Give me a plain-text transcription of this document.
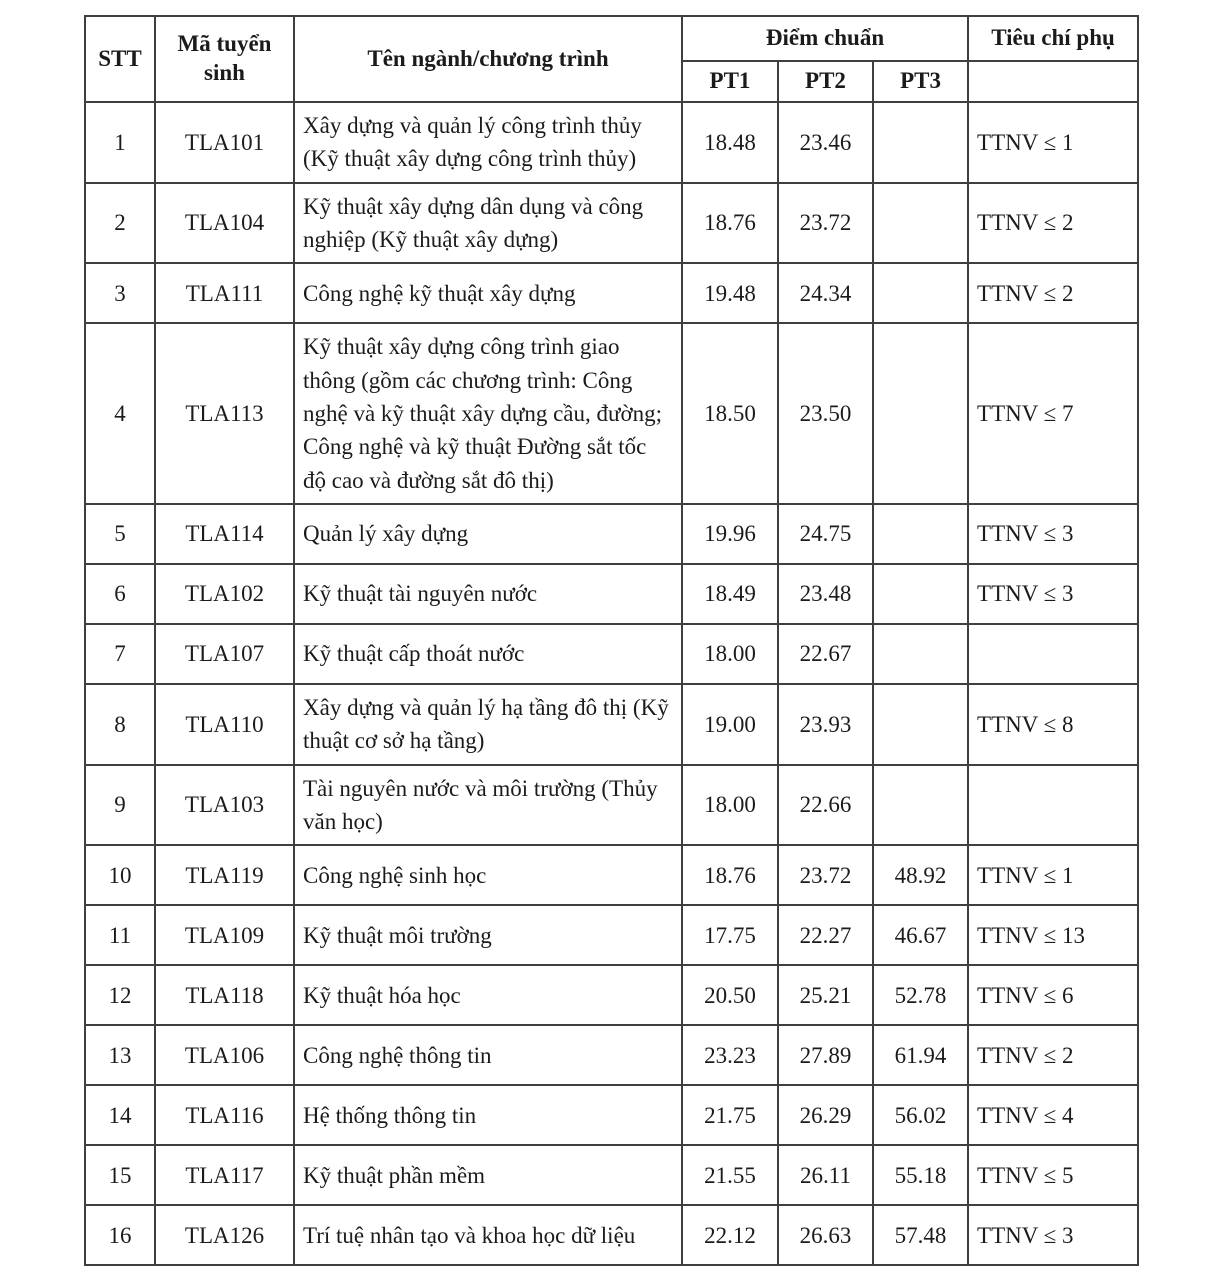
STT	Mã tuyển sinh	Tên ngành/chương trình	Điểm chuẩn			Tiêu chí phụ
			PT1	PT2	PT3	
1	TLA101	Xây dựng và quản lý công trình thủy (Kỹ thuật xây dựng công trình thủy)	18.48	23.46		TTNV ≤ 1
2	TLA104	Kỹ thuật xây dựng dân dụng và công nghiệp (Kỹ thuật xây dựng)	18.76	23.72		TTNV ≤ 2
3	TLA111	Công nghệ kỹ thuật xây dựng	19.48	24.34		TTNV ≤ 2
4	TLA113	Kỹ thuật xây dựng công trình giao thông (gồm các chương trình: Công nghệ và kỹ thuật xây dựng cầu, đường; Công nghệ và kỹ thuật Đường sắt tốc độ cao và đường sắt đô thị)	18.50	23.50		TTNV ≤ 7
5	TLA114	Quản lý xây dựng	19.96	24.75		TTNV ≤ 3
6	TLA102	Kỹ thuật tài nguyên nước	18.49	23.48		TTNV ≤ 3
7	TLA107	Kỹ thuật cấp thoát nước	18.00	22.67		
8	TLA110	Xây dựng và quản lý hạ tầng đô thị (Kỹ thuật cơ sở hạ tầng)	19.00	23.93		TTNV ≤ 8
9	TLA103	Tài nguyên nước và môi trường (Thủy văn học)	18.00	22.66		
10	TLA119	Công nghệ sinh học	18.76	23.72	48.92	TTNV ≤ 1
11	TLA109	Kỹ thuật môi trường	17.75	22.27	46.67	TTNV ≤ 13
12	TLA118	Kỹ thuật hóa học	20.50	25.21	52.78	TTNV ≤ 6
13	TLA106	Công nghệ thông tin	23.23	27.89	61.94	TTNV ≤ 2
14	TLA116	Hệ thống thông tin	21.75	26.29	56.02	TTNV ≤ 4
15	TLA117	Kỹ thuật phần mềm	21.55	26.11	55.18	TTNV ≤ 5
16	TLA126	Trí tuệ nhân tạo và khoa học dữ liệu	22.12	26.63	57.48	TTNV ≤ 3
